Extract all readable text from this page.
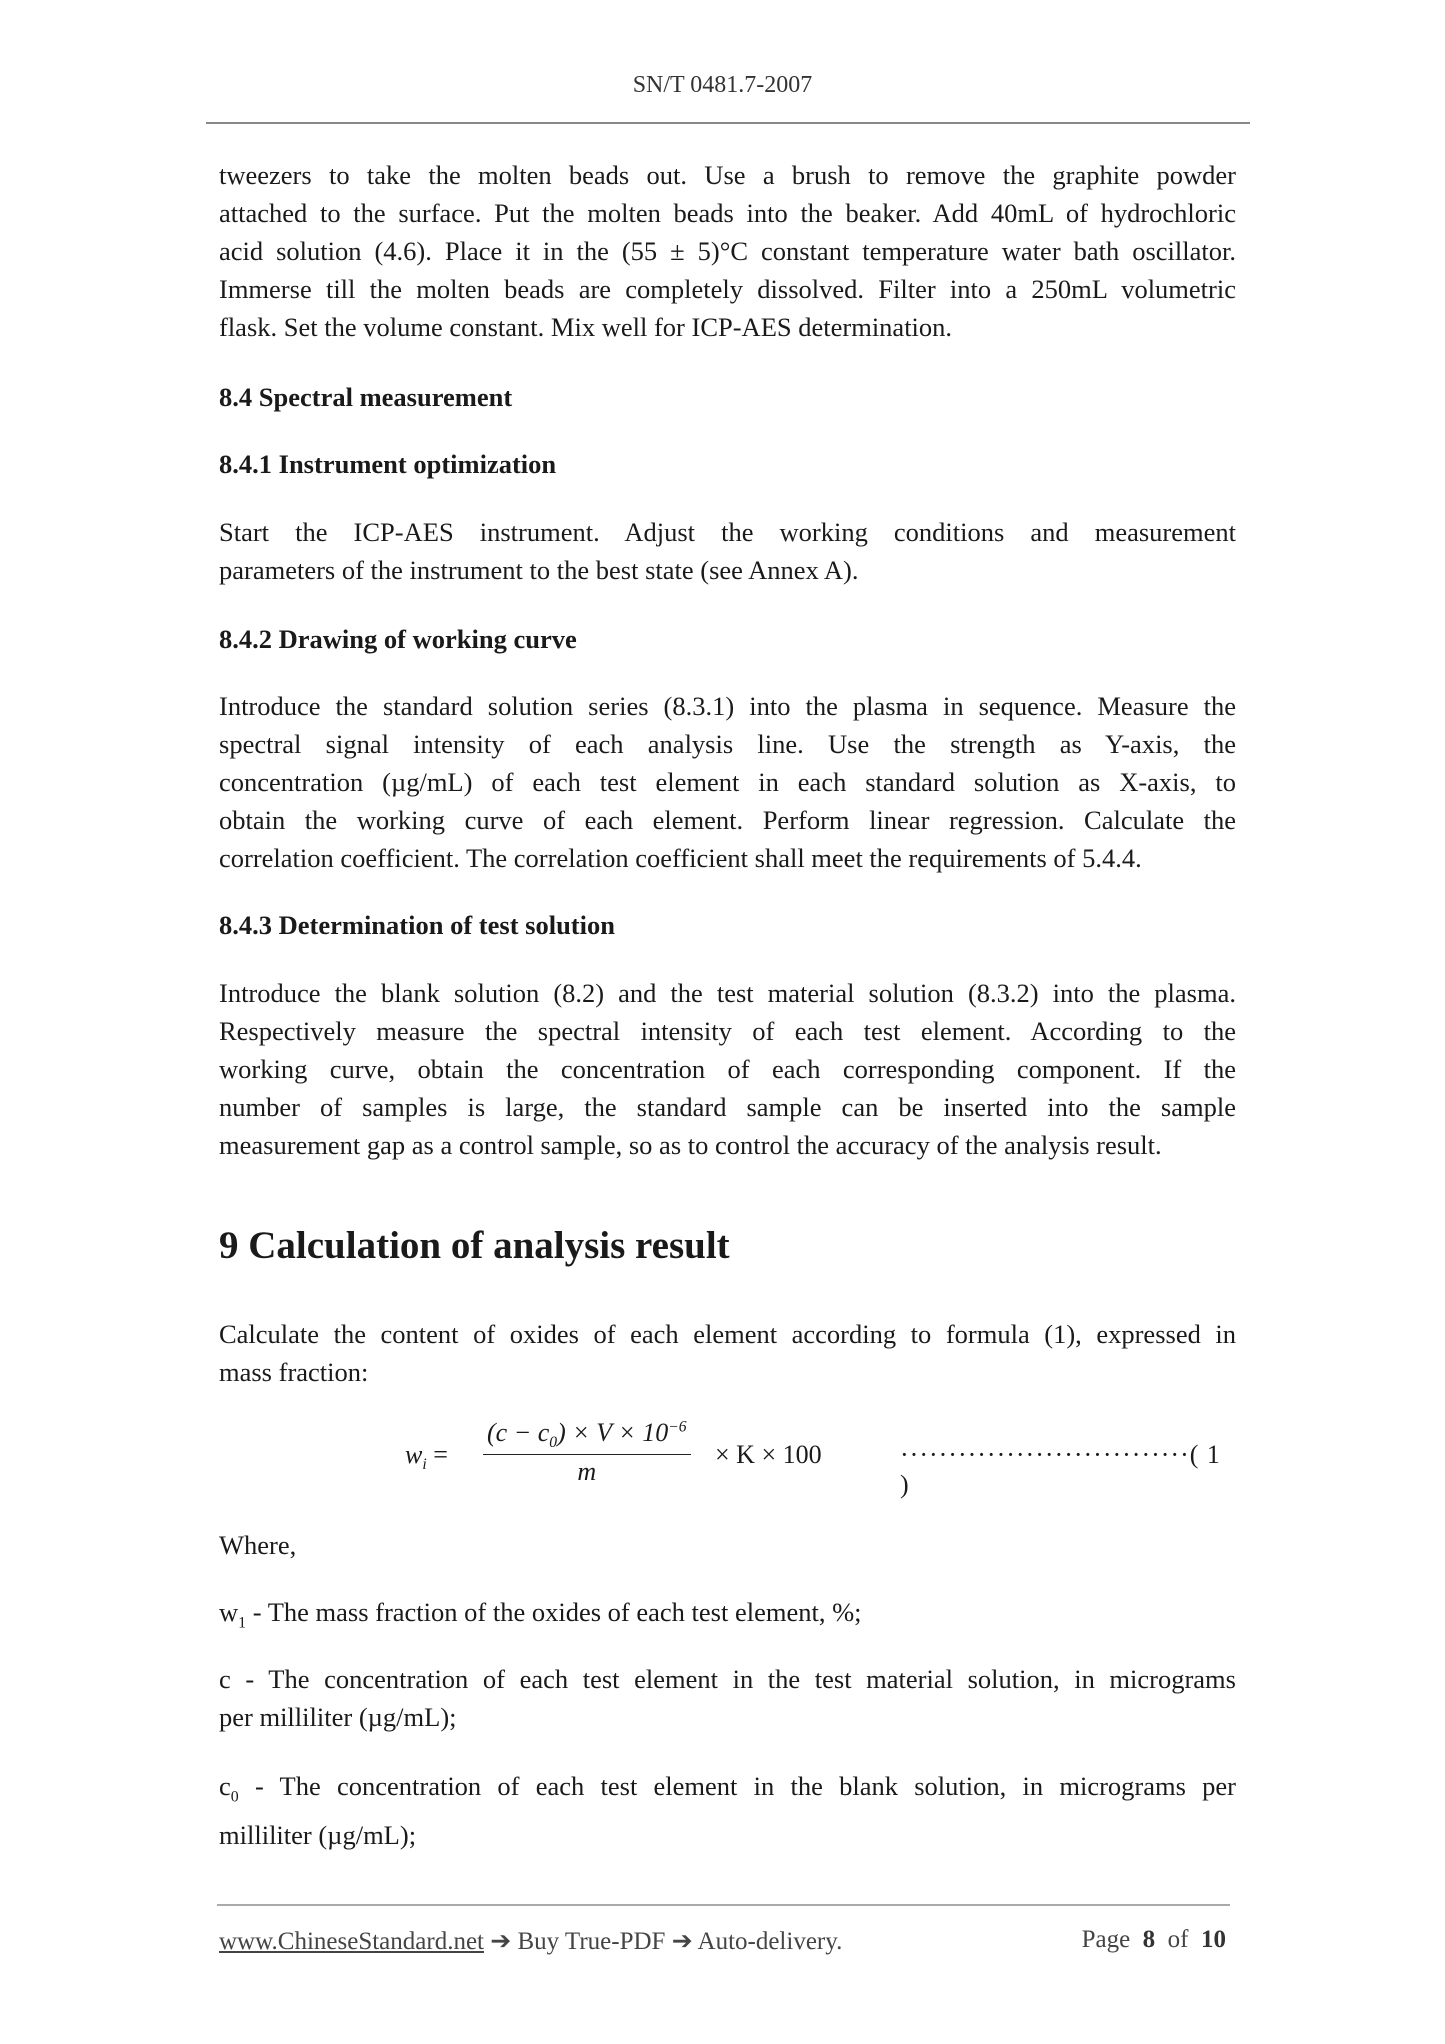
SN/T 0481.7-2007
tweezers to take the molten beads out. Use a brush to remove the graphite powder
attached to the surface. Put the molten beads into the beaker. Add 40mL of hydrochloric
acid solution (4.6). Place it in the (55 ± 5)°C constant temperature water bath oscillator.
Immerse till the molten beads are completely dissolved. Filter into a 250mL volumetric
flask. Set the volume constant. Mix well for ICP-AES determination.
8.4 Spectral measurement
8.4.1 Instrument optimization
Start the ICP-AES instrument. Adjust the working conditions and measurement
parameters of the instrument to the best state (see Annex A).
8.4.2 Drawing of working curve
Introduce the standard solution series (8.3.1) into the plasma in sequence. Measure the
spectral signal intensity of each analysis line. Use the strength as Y-axis, the
concentration (µg/mL) of each test element in each standard solution as X-axis, to
obtain the working curve of each element. Perform linear regression. Calculate the
correlation coefficient. The correlation coefficient shall meet the requirements of 5.4.4.
8.4.3 Determination of test solution
Introduce the blank solution (8.2) and the test material solution (8.3.2) into the plasma.
Respectively measure the spectral intensity of each test element. According to the
working curve, obtain the concentration of each corresponding component. If the
number of samples is large, the standard sample can be inserted into the sample
measurement gap as a control sample, so as to control the accuracy of the analysis result.
9 Calculation of analysis result
Calculate the content of oxides of each element according to formula (1), expressed in
mass fraction:
$w_i = \frac{(c - c_0) \times V \times 10^{-6}}{m} \times K \times 100$	······························( 1 )
Where,
$w_1$ - The mass fraction of the oxides of each test element, %;
c - The concentration of each test element in the test material solution, in micrograms
per milliliter (µg/mL);
$c_0$ - The concentration of each test element in the blank solution, in micrograms per
milliliter (µg/mL);
www.ChineseStandard.net ➔ Buy True-PDF ➔ Auto-delivery.	Page 8 of 10
